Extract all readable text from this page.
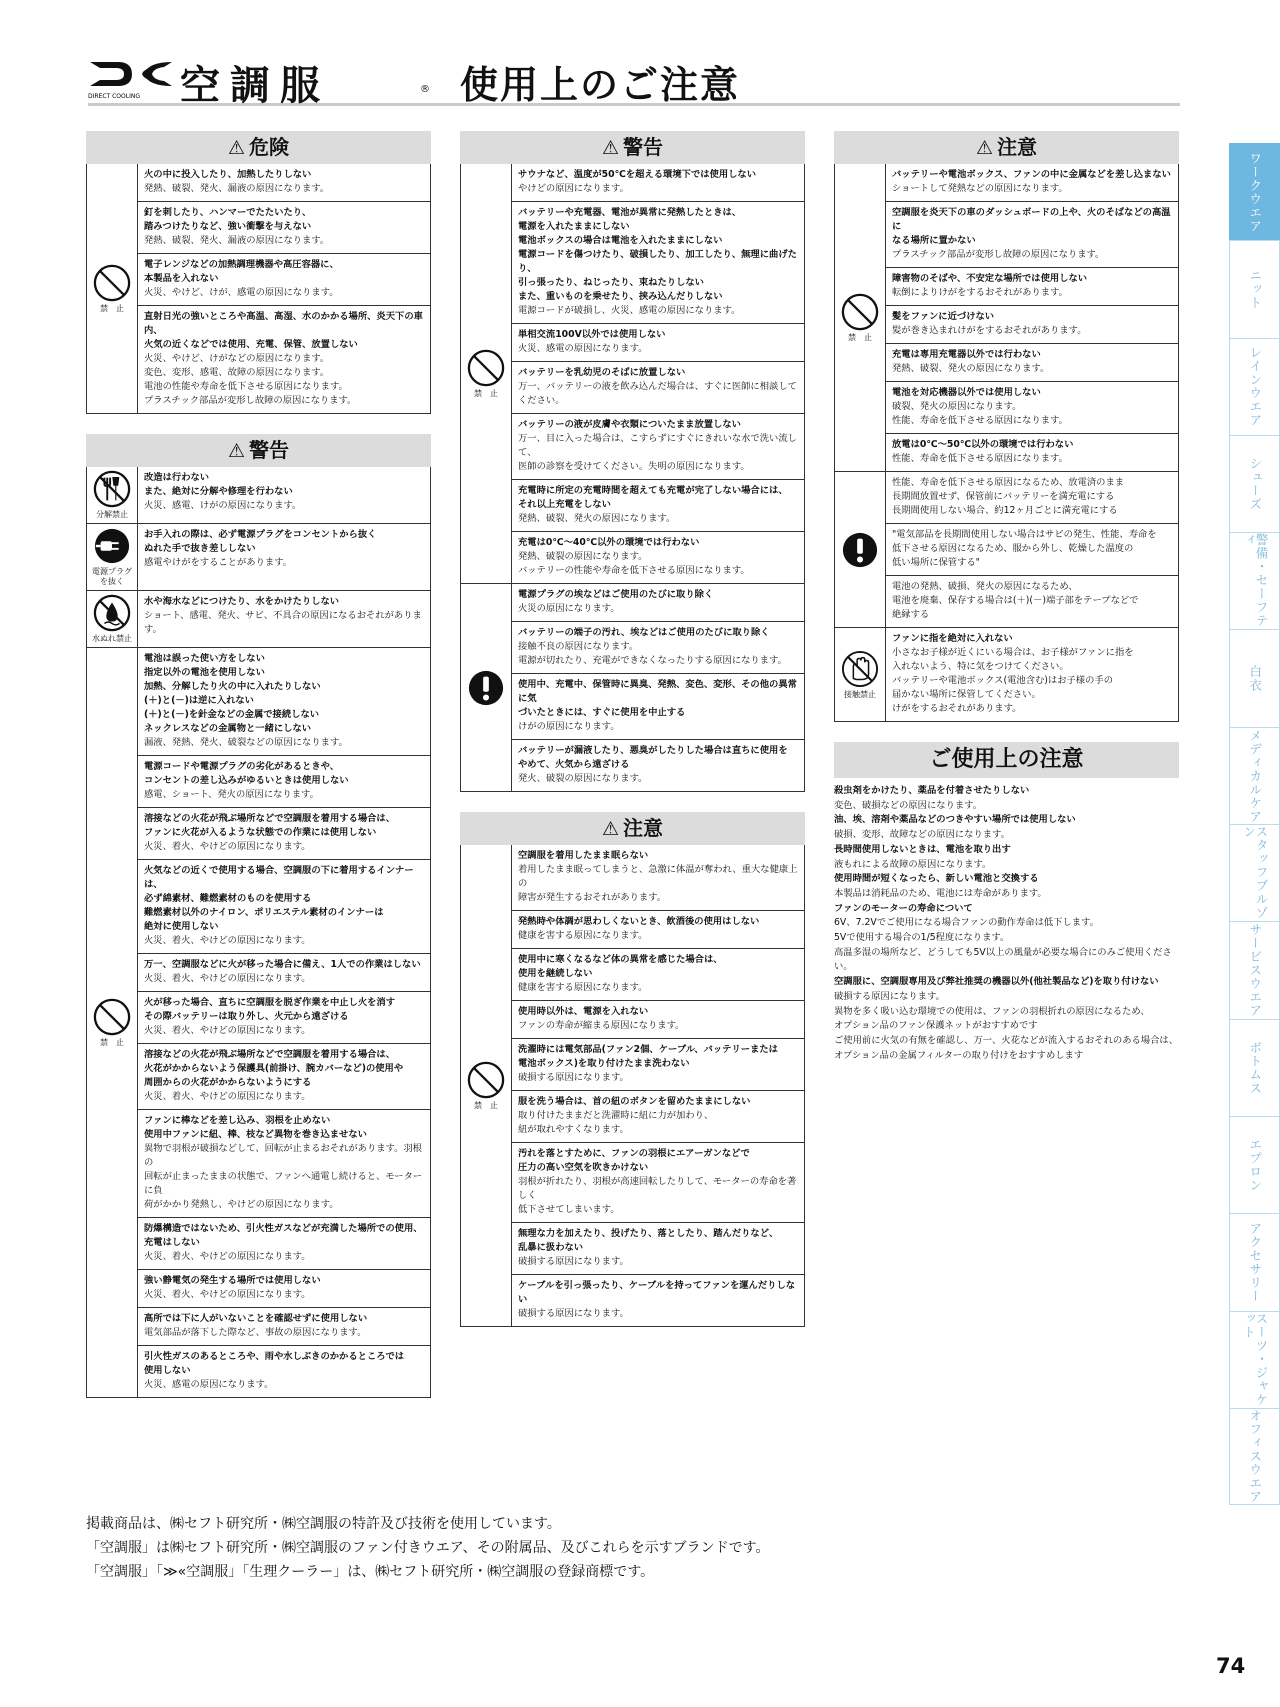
DIRECT COOLING 空調服	® 使用上のご注意
⚠ 危険
禁　止
火の中に投入したり、加熱したりしない
発熱、破裂、発火、漏液の原因になります。
釘を刺したり、ハンマーでたたいたり、
踏みつけたりなど、強い衝撃を与えない
発熱、破裂、発火、漏液の原因になります。
電子レンジなどの加熱調理機器や高圧容器に、
本製品を入れない
火災、やけど、けが、感電の原因になります。
直射日光の強いところや高温、高湿、水のかかる場所、炎天下の車内、
火気の近くなどでは使用、充電、保管、放置しない
火災、やけど、けがなどの原因になります。
変色、変形、感電、故障の原因になります。
電池の性能や寿命を低下させる原因になります。
プラスチック部品が変形し故障の原因になります。
⚠ 警告
分解禁止
改造は行わない
また、絶対に分解や修理を行わない
火災、感電、けがの原因になります。
電源プラグ
を抜く
お手入れの際は、必ず電源プラグをコンセントから抜く
ぬれた手で抜き差ししない
感電やけがをすることがあります。
水ぬれ禁止
水や海水などにつけたり、水をかけたりしない
ショート、感電、発火、サビ、不具合の原因になるおそれがあります。
禁　止
電池は誤った使い方をしない
指定以外の電池を使用しない
加熱、分解したり火の中に入れたりしない
(＋)と(－)は逆に入れない
(＋)と(－)を針金などの金属で接続しない
ネックレスなどの金属物と一緒にしない
漏液、発熱、発火、破裂などの原因になります。
電源コードや電源プラグの劣化があるときや、
コンセントの差し込みがゆるいときは使用しない
感電、ショート、発火の原因になります。
溶接などの火花が飛ぶ場所などで空調服を着用する場合は、
ファンに火花が入るような状態での作業には使用しない
火災、着火、やけどの原因になります。
火気などの近くで使用する場合、空調服の下に着用するインナーは、
必ず綿素材、難燃素材のものを使用する
難燃素材以外のナイロン、ポリエステル素材のインナーは
絶対に使用しない
火災、着火、やけどの原因になります。
万一、空調服などに火が移った場合に備え、1人での作業はしない
火災、着火、やけどの原因になります。
火が移った場合、直ちに空調服を脱ぎ作業を中止し火を消す
その際バッテリーは取り外し、火元から遠ざける
火災、着火、やけどの原因になります。
溶接などの火花が飛ぶ場所などで空調服を着用する場合は、
火花がかからないよう保護具(前掛け、腕カバーなど)の使用や
周囲からの火花がかからないようにする
火災、着火、やけどの原因になります。
ファンに棒などを差し込み、羽根を止めない
使用中ファンに紐、棒、枝など異物を巻き込ませない
異物で羽根が破損などして、回転が止まるおそれがあります。羽根の
回転が止まったままの状態で、ファンへ通電し続けると、モーターに負
荷がかかり発熱し、やけどの原因になります。
防爆構造ではないため、引火性ガスなどが充満した場所での使用、
充電はしない
火災、着火、やけどの原因になります。
強い静電気の発生する場所では使用しない
火災、着火、やけどの原因になります。
高所では下に人がいないことを確認せずに使用しない
電気部品が落下した際など、事故の原因になります。
引火性ガスのあるところや、雨や水しぶきのかかるところでは
使用しない
火災、感電の原因になります。
⚠ 警告
禁　止
サウナなど、温度が50℃を超える環境下では使用しない
やけどの原因になります。
バッテリーや充電器、電池が異常に発熱したときは、
電源を入れたままにしない
電池ボックスの場合は電池を入れたままにしない
電源コードを傷つけたり、破損したり、加工したり、無理に曲げたり、
引っ張ったり、ねじったり、束ねたりしない
また、重いものを乗せたり、挟み込んだりしない
電源コードが破損し、火災、感電の原因になります。
単相交流100V以外では使用しない
火災、感電の原因になります。
バッテリーを乳幼児のそばに放置しない
万一、バッテリーの液を飲み込んだ場合は、すぐに医師に相談してください。
バッテリーの液が皮膚や衣類についたまま放置しない
万一、目に入った場合は、こすらずにすぐにきれいな水で洗い流して、
医師の診察を受けてください。失明の原因になります。
充電時に所定の充電時間を超えても充電が完了しない場合には、
それ以上充電をしない
発熱、破裂、発火の原因になります。
充電は0℃～40℃以外の環境では行わない
発熱、破裂の原因になります。
バッテリーの性能や寿命を低下させる原因になります。
電源プラグの埃などはご使用のたびに取り除く
火災の原因になります。
バッテリーの端子の汚れ、埃などはご使用のたびに取り除く
接触不良の原因になります。
電源が切れたり、充電ができなくなったりする原因になります。
使用中、充電中、保管時に異臭、発熱、変色、変形、その他の異常に気
づいたときには、すぐに使用を中止する
けがの原因になります。
バッテリーが漏液したり、悪臭がしたりした場合は直ちに使用を
やめて、火気から遠ざける
発火、破裂の原因になります。
⚠ 注意
禁　止
空調服を着用したまま眠らない
着用したまま眠ってしまうと、急激に体温が奪われ、重大な健康上の
障害が発生するおそれがあります。
発熱時や体調が思わしくないとき、飲酒後の使用はしない
健康を害する原因になります。
使用中に寒くなるなど体の異常を感じた場合は、
使用を継続しない
健康を害する原因になります。
使用時以外は、電源を入れない
ファンの寿命が縮まる原因になります。
洗濯時には電気部品(ファン2個、ケーブル、バッテリーまたは
電池ボックス)を取り付けたまま洗わない
破損する原因になります。
服を洗う場合は、首の紐のボタンを留めたままにしない
取り付けたままだと洗濯時に紐に力が加わり、
紐が取れやすくなります。
汚れを落とすために、ファンの羽根にエアーガンなどで
圧力の高い空気を吹きかけない
羽根が折れたり、羽根が高速回転したりして、モーターの寿命を著しく
低下させてしまいます。
無理な力を加えたり、投げたり、落としたり、踏んだりなど、
乱暴に扱わない
破損する原因になります。
ケーブルを引っ張ったり、ケーブルを持ってファンを運んだりしない
破損する原因になります。
⚠ 注意
禁　止
バッテリーや電池ボックス、ファンの中に金属などを差し込まない
ショートして発熱などの原因になります。
空調服を炎天下の車のダッシュボードの上や、火のそばなどの高温に
なる場所に置かない
プラスチック部品が変形し故障の原因になります。
障害物のそばや、不安定な場所では使用しない
転倒によりけがをするおそれがあります。
髪をファンに近づけない
髪が巻き込まれけがをするおそれがあります。
充電は専用充電器以外では行わない
発熱、破裂、発火の原因になります。
電池を対応機器以外では使用しない
破裂、発火の原因になります。
性能、寿命を低下させる原因になります。
放電は0℃～50℃以外の環境では行わない
性能、寿命を低下させる原因になります。
性能、寿命を低下させる原因になるため、放電済のまま
長期間放置せず、保管前にバッテリーを満充電にする
長期間使用しない場合、約12ヶ月ごとに満充電にする
"電気部品を長期間使用しない場合はサビの発生、性能、寿命を
低下させる原因になるため、服から外し、乾燥した温度の
低い場所に保管する"
電池の発熱、破損、発火の原因になるため、
電池を廃棄、保存する場合は(＋)(－)端子部をテープなどで
絶縁する
接触禁止
ファンに指を絶対に入れない
小さなお子様が近くにいる場合は、お子様がファンに指を
入れないよう、特に気をつけてください。
バッテリーや電池ボックス(電池含む)はお子様の手の
届かない場所に保管してください。
けがをするおそれがあります。
ご使用上の注意
殺虫剤をかけたり、薬品を付着させたりしない
変色、破損などの原因になります。
油、埃、溶剤や薬品などのつきやすい場所では使用しない
破損、変形、故障などの原因になります。
長時間使用しないときは、電池を取り出す
液もれによる故障の原因になります。
使用時間が短くなったら、新しい電池と交換する
本製品は消耗品のため、電池には寿命があります。
ファンのモーターの寿命について
6V、7.2Vでご使用になる場合ファンの動作寿命は低下します。
5Vで使用する場合の1/5程度になります。
高温多湿の場所など、どうしても5V以上の風量が必要な場合にのみご使用ください。
空調服に、空調服専用及び弊社推奨の機器以外(他社製品など)を取り付けない
破損する原因になります。
異物を多く吸い込む環境での使用は、ファンの羽根折れの原因になるため、
オプション品のファン保護ネットがおすすめです
ご使用前に火気の有無を確認し、万一、火花などが流入するおそれのある場合は、
オプション品の金属フィルターの取り付けをおすすめします
掲載商品は、㈱セフト研究所・㈱空調服の特許及び技術を使用しています。
「空調服」は㈱セフト研究所・㈱空調服のファン付きウエア、その附属品、及びこれらを示すブランドです。
「空調服」「≫«空調服」「生理クーラー」は、㈱セフト研究所・㈱空調服の登録商標です。
ワークウエア
ニット
レインウエア
シューズ
警備・セーフティ
白衣
メディカルケア
スタッフブルゾン
サービスウエア
ボトムス
エプロン
アクセサリー
スーツ・ジャケット
オフィスウエア
74
